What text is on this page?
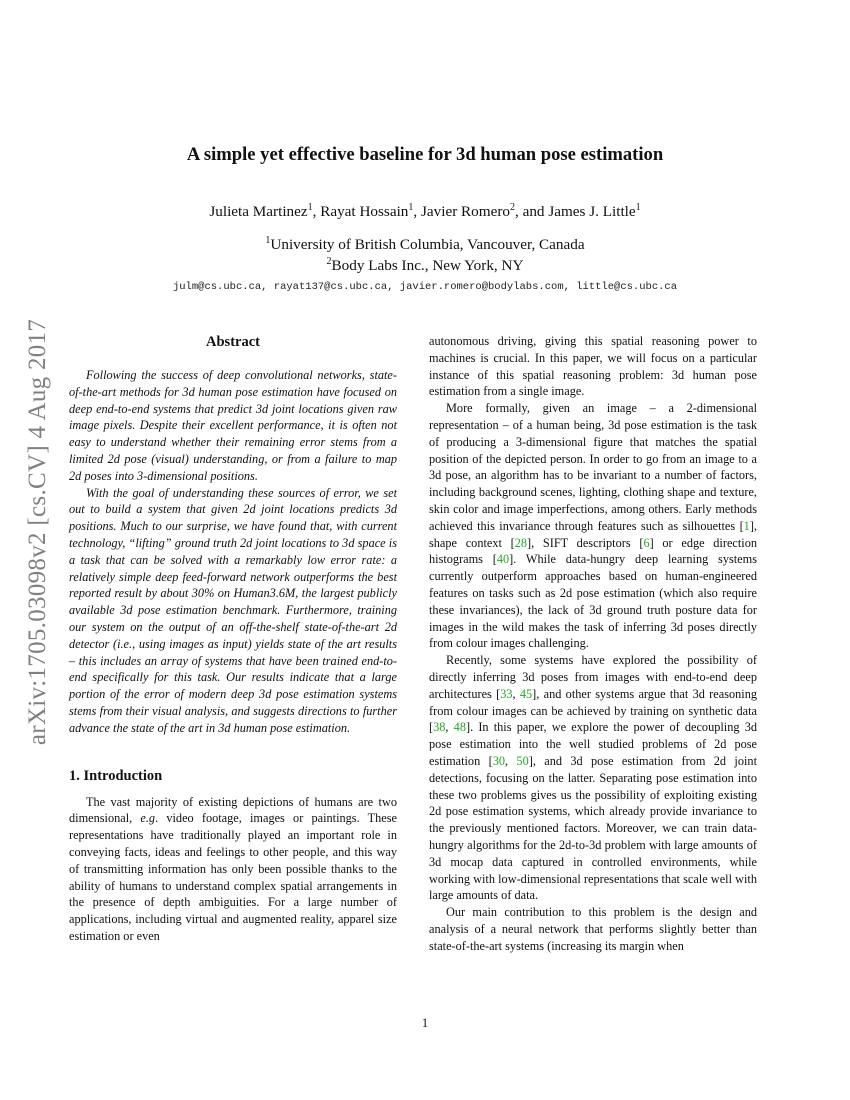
arXiv:1705.03098v2 [cs.CV] 4 Aug 2017
A simple yet effective baseline for 3d human pose estimation
Julieta Martinez$^1$, Rayat Hossain$^1$, Javier Romero$^2$, and James J. Little$^1$
$^1$University of British Columbia, Vancouver, Canada
$^2$Body Labs Inc., New York, NY
julm@cs.ubc.ca, rayat137@cs.ubc.ca, javier.romero@bodylabs.com, little@cs.ubc.ca
Abstract

Following the success of deep convolutional networks, state-of-the-art methods for 3d human pose estimation have focused on deep end-to-end systems that predict 3d joint locations given raw image pixels. Despite their excellent performance, it is often not easy to understand whether their remaining error stems from a limited 2d pose (visual) understanding, or from a failure to map 2d poses into 3-dimensional positions.

With the goal of understanding these sources of error, we set out to build a system that given 2d joint locations predicts 3d positions. Much to our surprise, we have found that, with current technology, “lifting” ground truth 2d joint locations to 3d space is a task that can be solved with a remarkably low error rate: a relatively simple deep feed-forward network outperforms the best reported result by about 30% on Human3.6M, the largest publicly available 3d pose estimation benchmark. Furthermore, training our system on the output of an off-the-shelf state-of-the-art 2d detector (i.e., using images as input) yields state of the art results – this includes an array of systems that have been trained end-to-end specifically for this task. Our results indicate that a large portion of the error of modern deep 3d pose estimation systems stems from their visual analysis, and suggests directions to further advance the state of the art in 3d human pose estimation.

1. Introduction

The vast majority of existing depictions of humans are two dimensional, e.g. video footage, images or paintings. These representations have traditionally played an important role in conveying facts, ideas and feelings to other people, and this way of transmitting information has only been possible thanks to the ability of humans to understand complex spatial arrangements in the presence of depth ambiguities. For a large number of applications, including virtual and augmented reality, apparel size estimation or even

autonomous driving, giving this spatial reasoning power to machines is crucial. In this paper, we will focus on a particular instance of this spatial reasoning problem: 3d human pose estimation from a single image.

More formally, given an image – a 2-dimensional representation – of a human being, 3d pose estimation is the task of producing a 3-dimensional figure that matches the spatial position of the depicted person. In order to go from an image to a 3d pose, an algorithm has to be invariant to a number of factors, including background scenes, lighting, clothing shape and texture, skin color and image imperfections, among others. Early methods achieved this invariance through features such as silhouettes [1], shape context [28], SIFT descriptors [6] or edge direction histograms [40]. While data-hungry deep learning systems currently outperform approaches based on human-engineered features on tasks such as 2d pose estimation (which also require these invariances), the lack of 3d ground truth posture data for images in the wild makes the task of inferring 3d poses directly from colour images challenging.

Recently, some systems have explored the possibility of directly inferring 3d poses from images with end-to-end deep architectures [33, 45], and other systems argue that 3d reasoning from colour images can be achieved by training on synthetic data [38, 48]. In this paper, we explore the power of decoupling 3d pose estimation into the well studied problems of 2d pose estimation [30, 50], and 3d pose estimation from 2d joint detections, focusing on the latter. Separating pose estimation into these two problems gives us the possibility of exploiting existing 2d pose estimation systems, which already provide invariance to the previously mentioned factors. Moreover, we can train data-hungry algorithms for the 2d-to-3d problem with large amounts of 3d mocap data captured in controlled environments, while working with low-dimensional representations that scale well with large amounts of data.

Our main contribution to this problem is the design and analysis of a neural network that performs slightly better than state-of-the-art systems (increasing its margin when

1
